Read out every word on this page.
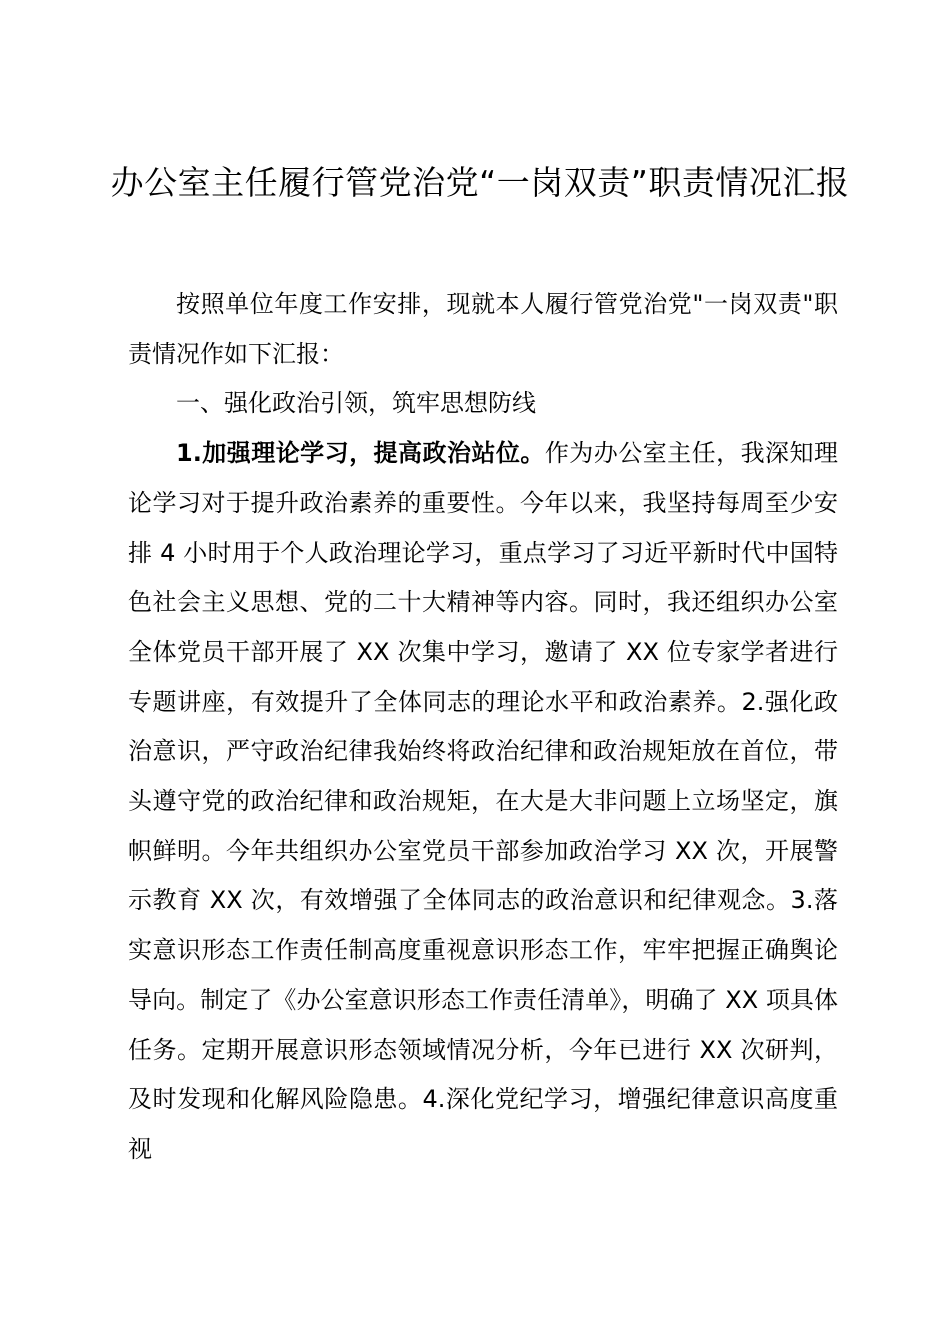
办公室主任履行管党治党“一岗双责”职责情况汇报

按照单位年度工作安排，现就本人履行管党治党"一岗双责"职责情况作如下汇报：

一、强化政治引领，筑牢思想防线

1.加强理论学习，提高政治站位。作为办公室主任，我深知理论学习对于提升政治素养的重要性。今年以来，我坚持每周至少安排 4 小时用于个人政治理论学习，重点学习了习近平新时代中国特色社会主义思想、党的二十大精神等内容。同时，我还组织办公室全体党员干部开展了 XX 次集中学习，邀请了 XX 位专家学者进行专题讲座，有效提升了全体同志的理论水平和政治素养。2.强化政治意识，严守政治纪律我始终将政治纪律和政治规矩放在首位，带头遵守党的政治纪律和政治规矩，在大是大非问题上立场坚定，旗帜鲜明。今年共组织办公室党员干部参加政治学习 XX 次，开展警示教育 XX 次，有效增强了全体同志的政治意识和纪律观念。3.落实意识形态工作责任制高度重视意识形态工作，牢牢把握正确舆论导向。制定了《办公室意识形态工作责任清单》，明确了 XX 项具体任务。定期开展意识形态领域情况分析，今年已进行 XX 次研判，及时发现和化解风险隐患。4.深化党纪学习，增强纪律意识高度重视
